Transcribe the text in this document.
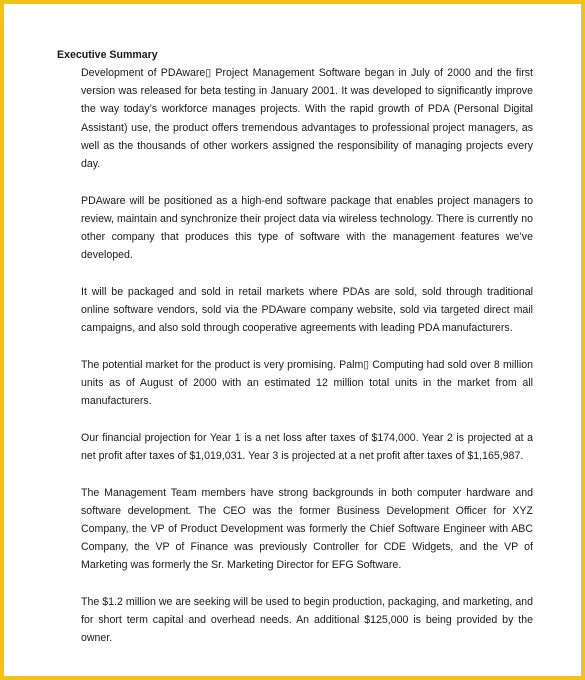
Executive Summary

Development of PDAware▯ Project Management Software began in July of 2000 and the first version was released for beta testing in January 2001. It was developed to significantly improve the way today’s workforce manages projects. With the rapid growth of PDA (Personal Digital Assistant) use, the product offers tremendous advantages to professional project managers, as well as the thousands of other workers assigned the responsibility of managing projects every day.

PDAware will be positioned as a high-end software package that enables project managers to review, maintain and synchronize their project data via wireless technology. There is currently no other company that produces this type of software with the management features we’ve developed.

It will be packaged and sold in retail markets where PDAs are sold, sold through traditional online software vendors, sold via the PDAware company website, sold via targeted direct mail campaigns, and also sold through cooperative agreements with leading PDA manufacturers.

The potential market for the product is very promising. Palm▯ Computing had sold over 8 million units as of August of 2000 with an estimated 12 million total units in the market from all manufacturers.

Our financial projection for Year 1 is a net loss after taxes of $174,000. Year 2 is projected at a net profit after taxes of $1,019,031. Year 3 is projected at a net profit after taxes of $1,165,987.

The Management Team members have strong backgrounds in both computer hardware and software development. The CEO was the former Business Development Officer for XYZ Company, the VP of Product Development was formerly the Chief Software Engineer with ABC Company, the VP of Finance was previously Controller for CDE Widgets, and the VP of Marketing was formerly the Sr. Marketing Director for EFG Software.

The $1.2 million we are seeking will be used to begin production, packaging, and marketing, and for short term capital and overhead needs. An additional $125,000 is being provided by the owner.
